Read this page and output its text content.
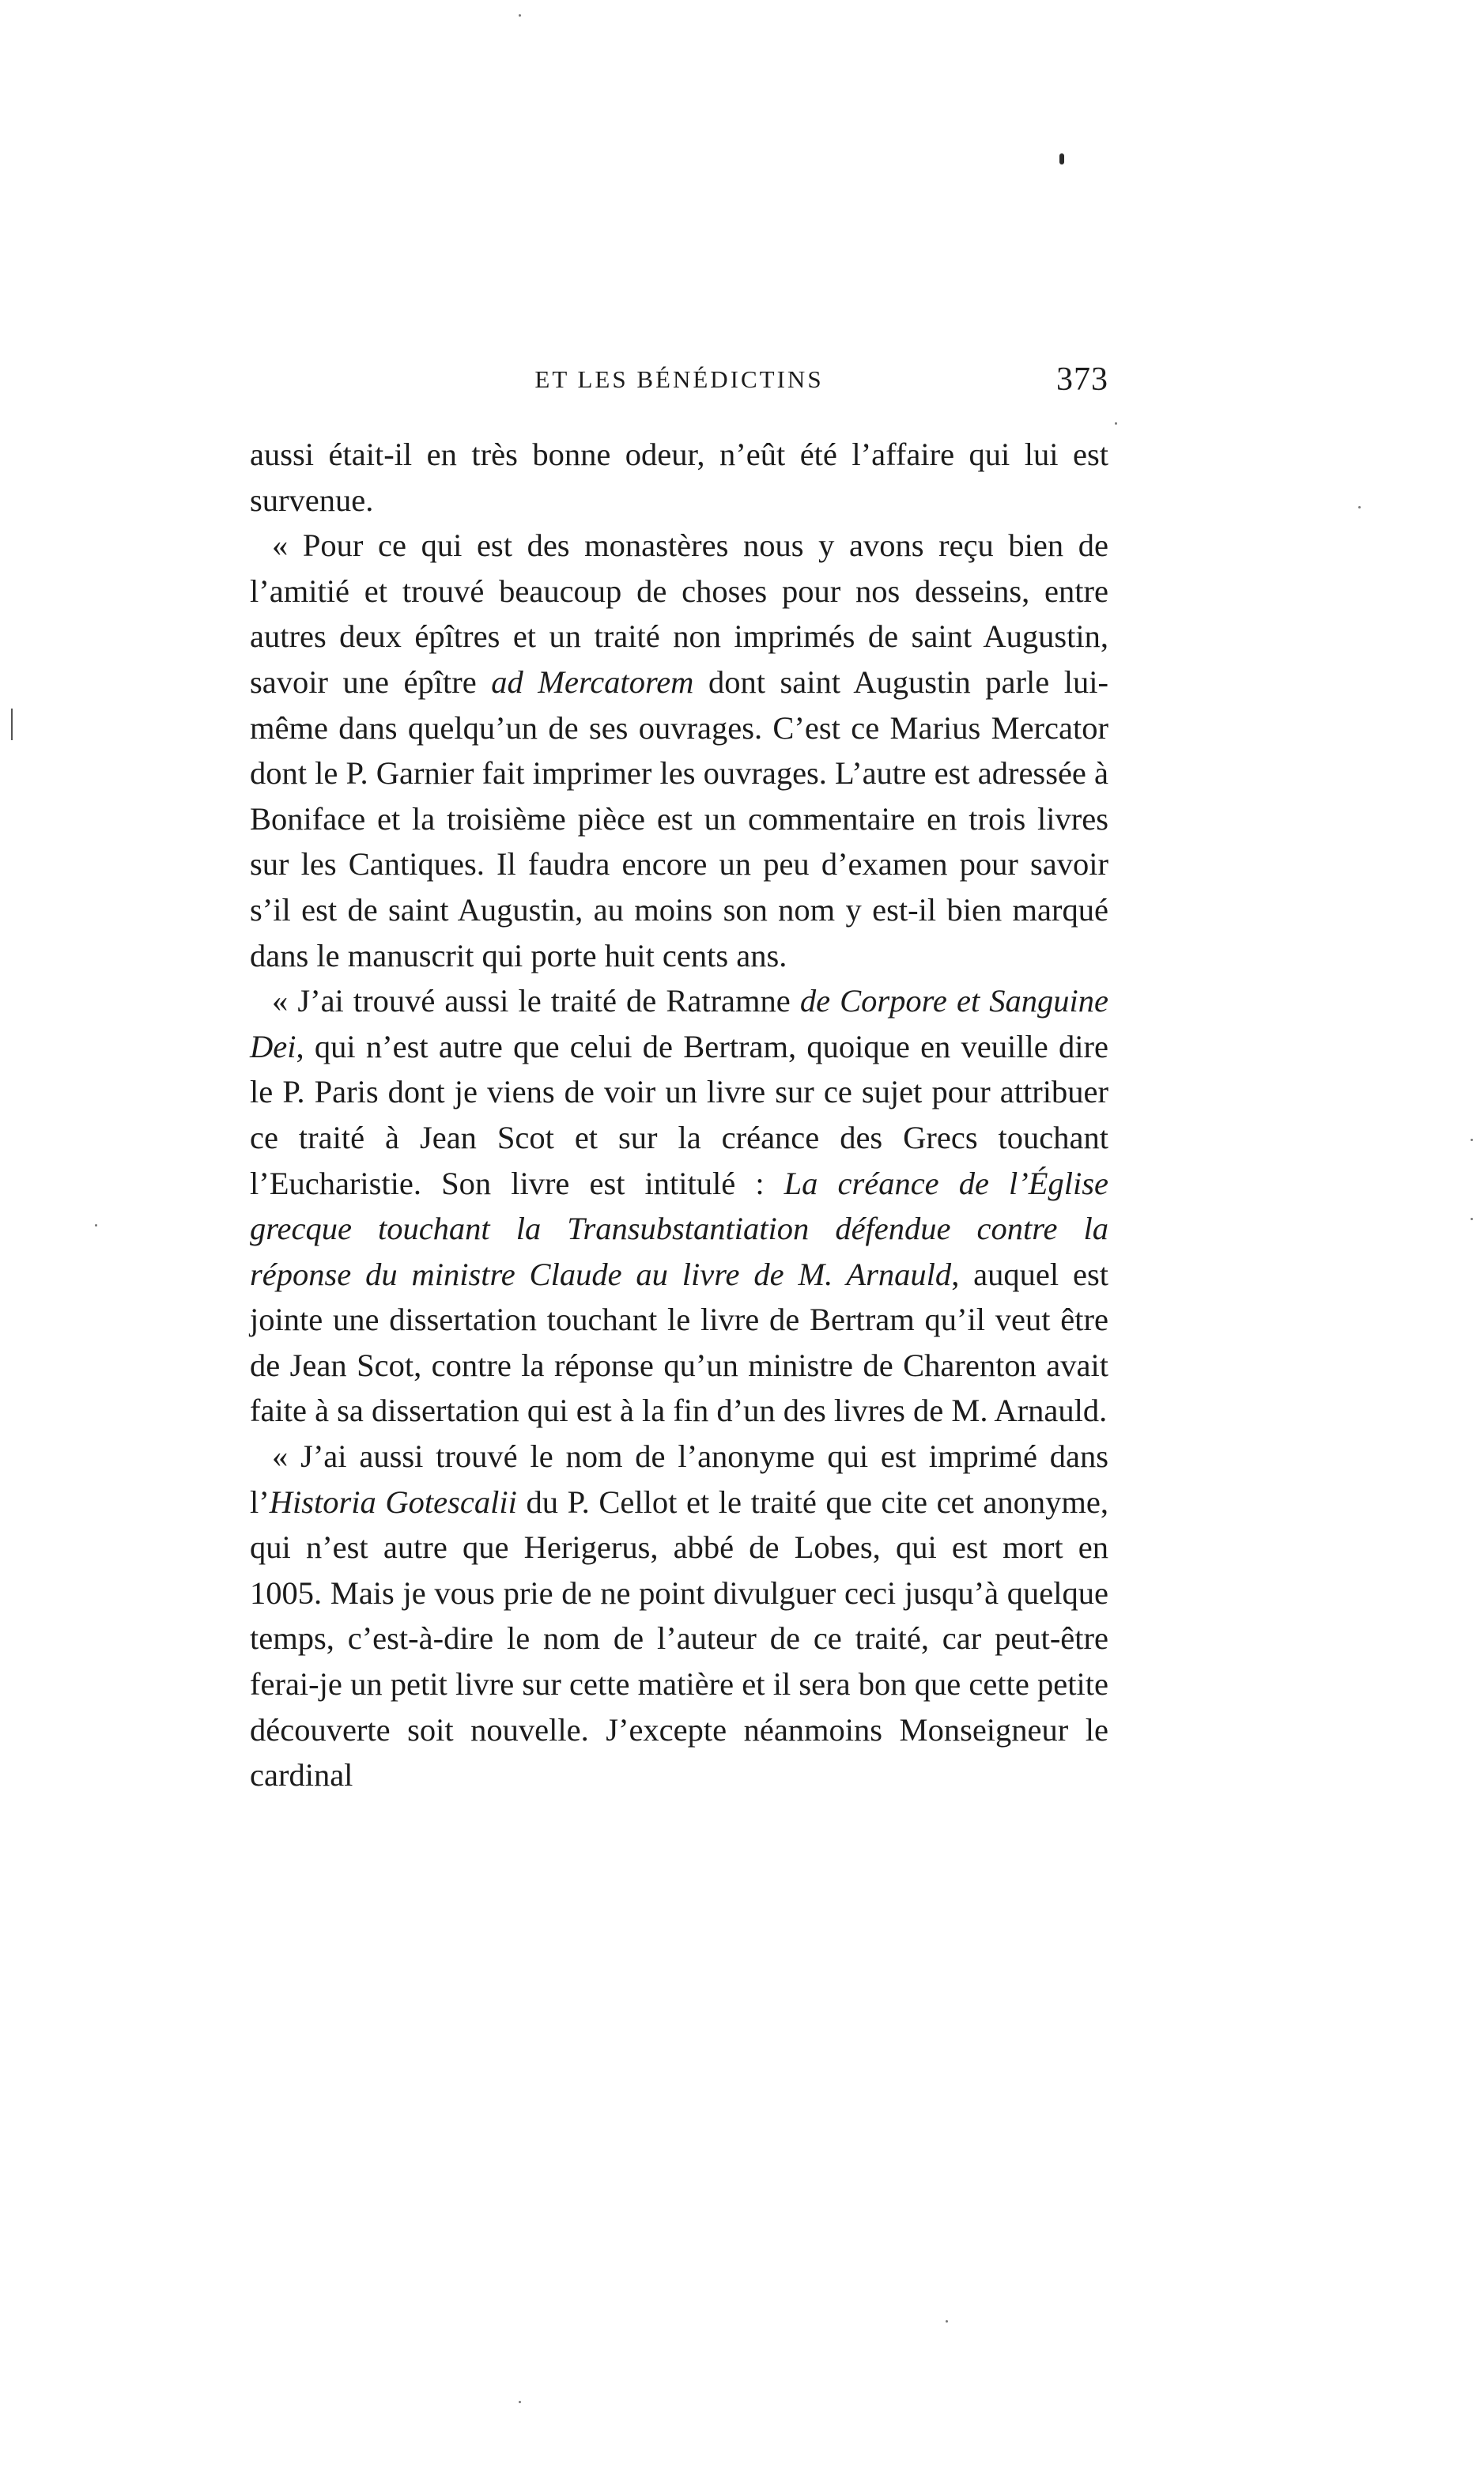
ET LES BÉNÉDICTINS	373

aussi était-il en très bonne odeur, n’eût été l’affaire qui lui est survenue.

« Pour ce qui est des monastères nous y avons reçu bien de l’amitié et trouvé beaucoup de choses pour nos desseins, entre autres deux épîtres et un traité non imprimés de saint Augustin, savoir une épître ad Mercatorem dont saint Augustin parle lui-même dans quelqu’un de ses ouvrages. C’est ce Marius Mercator dont le P. Garnier fait imprimer les ouvrages. L’autre est adressée à Boniface et la troisième pièce est un commentaire en trois livres sur les Cantiques. Il faudra encore un peu d’examen pour savoir s’il est de saint Augustin, au moins son nom y est-il bien marqué dans le manuscrit qui porte huit cents ans.

« J’ai trouvé aussi le traité de Ratramne de Corpore et Sanguine Dei, qui n’est autre que celui de Bertram, quoique en veuille dire le P. Paris dont je viens de voir un livre sur ce sujet pour attribuer ce traité à Jean Scot et sur la créance des Grecs touchant l’Eucharistie. Son livre est intitulé : La créance de l’Église grecque touchant la Transubstantiation défendue contre la réponse du ministre Claude au livre de M. Arnauld, auquel est jointe une dissertation touchant le livre de Bertram qu’il veut être de Jean Scot, contre la réponse qu’un ministre de Charenton avait faite à sa dissertation qui est à la fin d’un des livres de M. Arnauld.

« J’ai aussi trouvé le nom de l’anonyme qui est imprimé dans l’Historia Gotescalii du P. Cellot et le traité que cite cet anonyme, qui n’est autre que Herigerus, abbé de Lobes, qui est mort en 1005. Mais je vous prie de ne point divulguer ceci jusqu’à quelque temps, c’est-à-dire le nom de l’auteur de ce traité, car peut-être ferai-je un petit livre sur cette matière et il sera bon que cette petite découverte soit nouvelle. J’excepte néanmoins Monseigneur le cardinal
